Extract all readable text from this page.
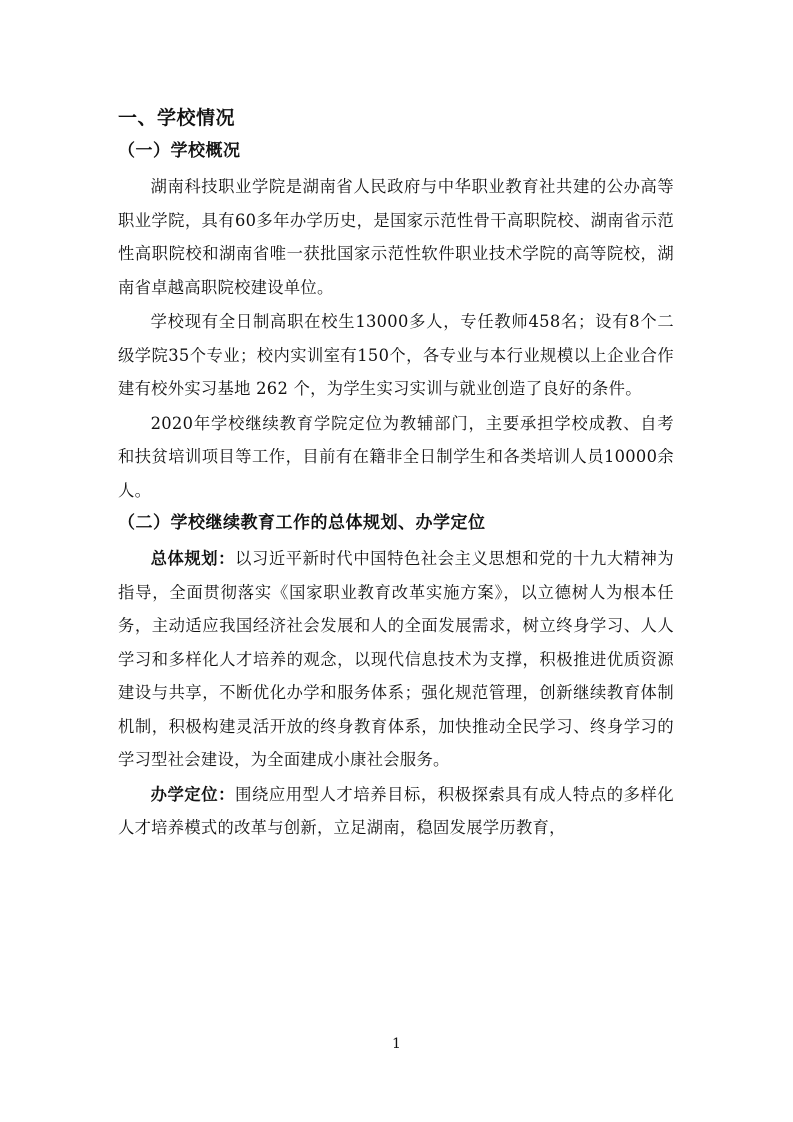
一、学校情况
（一）学校概况

湖南科技职业学院是湖南省人民政府与中华职业教育社共建的公办高等职业学院，具有60多年办学历史，是国家示范性骨干高职院校、湖南省示范性高职院校和湖南省唯一获批国家示范性软件职业技术学院的高等院校，湖南省卓越高职院校建设单位。

学校现有全日制高职在校生13000多人，专任教师458名；设有8个二级学院35个专业；校内实训室有150个，各专业与本行业规模以上企业合作建有校外实习基地 262 个，为学生实习实训与就业创造了良好的条件。

2020年学校继续教育学院定位为教辅部门，主要承担学校成教、自考和扶贫培训项目等工作，目前有在籍非全日制学生和各类培训人员10000余人。

（二）学校继续教育工作的总体规划、办学定位

总体规划：以习近平新时代中国特色社会主义思想和党的十九大精神为指导，全面贯彻落实《国家职业教育改革实施方案》，以立德树人为根本任务，主动适应我国经济社会发展和人的全面发展需求，树立终身学习、人人学习和多样化人才培养的观念，以现代信息技术为支撑，积极推进优质资源建设与共享，不断优化办学和服务体系；强化规范管理，创新继续教育体制机制，积极构建灵活开放的终身教育体系，加快推动全民学习、终身学习的学习型社会建设，为全面建成小康社会服务。

办学定位：围绕应用型人才培养目标，积极探索具有成人特点的多样化人才培养模式的改革与创新，立足湖南，稳固发展学历教育，

1
